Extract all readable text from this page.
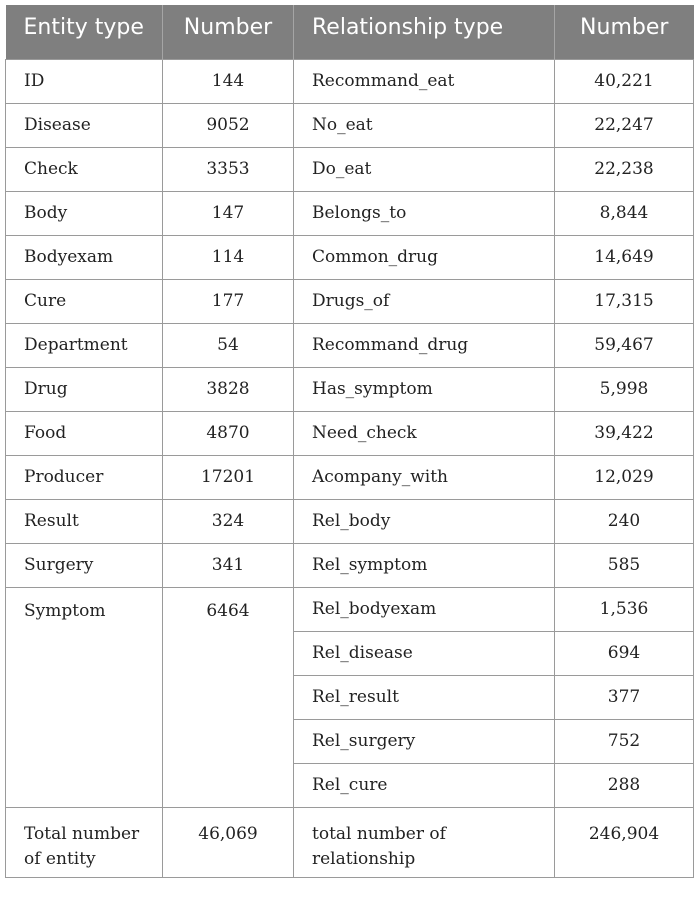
Entity type	Number	Relationship type	Number
ID	144	Recommand_eat	40,221
Disease	9052	No_eat	22,247
Check	3353	Do_eat	22,238
Body	147	Belongs_to	8,844
Bodyexam	114	Common_drug	14,649
Cure	177	Drugs_of	17,315
Department	54	Recommand_drug	59,467
Drug	3828	Has_symptom	5,998
Food	4870	Need_check	39,422
Producer	17201	Acompany_with	12,029
Result	324	Rel_body	240
Surgery	341	Rel_symptom	585
Symptom	6464	Rel_bodyexam	1,536
		Rel_disease	694
		Rel_result	377
		Rel_surgery	752
		Rel_cure	288
Total number of entity	46,069	total number of relationship	246,904
